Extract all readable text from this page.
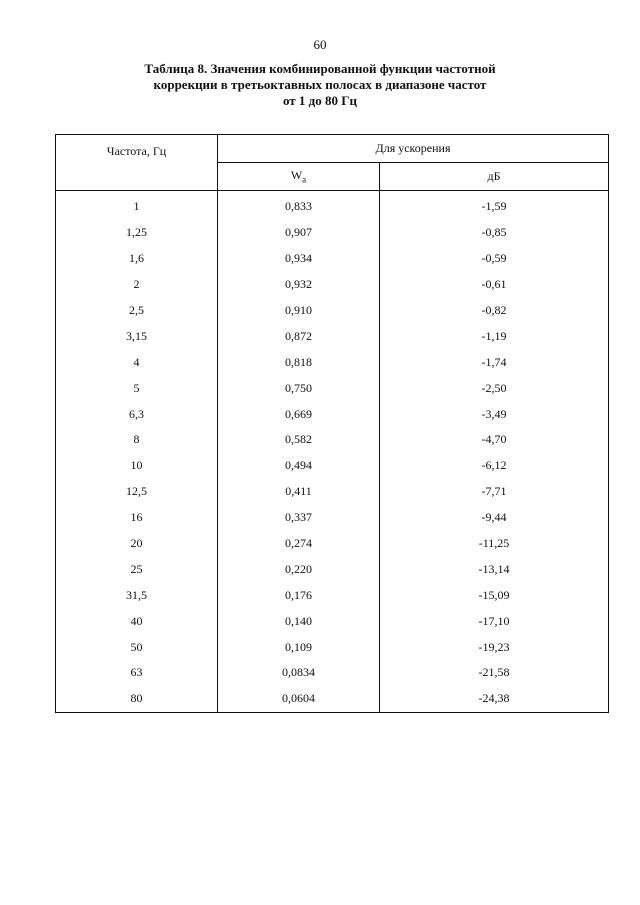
60
Таблица 8. Значения комбинированной функции частотной
коррекции в третьоктавных полосах в диапазоне частот
от 1 до 80 Гц
Частота, Гц	Для ускорения	
	$W_a$	дБ
1	0,833	-1,59
1,25	0,907	-0,85
1,6	0,934	-0,59
2	0,932	-0,61
2,5	0,910	-0,82
3,15	0,872	-1,19
4	0,818	-1,74
5	0,750	-2,50
6,3	0,669	-3,49
8	0,582	-4,70
10	0,494	-6,12
12,5	0,411	-7,71
16	0,337	-9,44
20	0,274	-11,25
25	0,220	-13,14
31,5	0,176	-15,09
40	0,140	-17,10
50	0,109	-19,23
63	0,0834	-21,58
80	0,0604	-24,38
